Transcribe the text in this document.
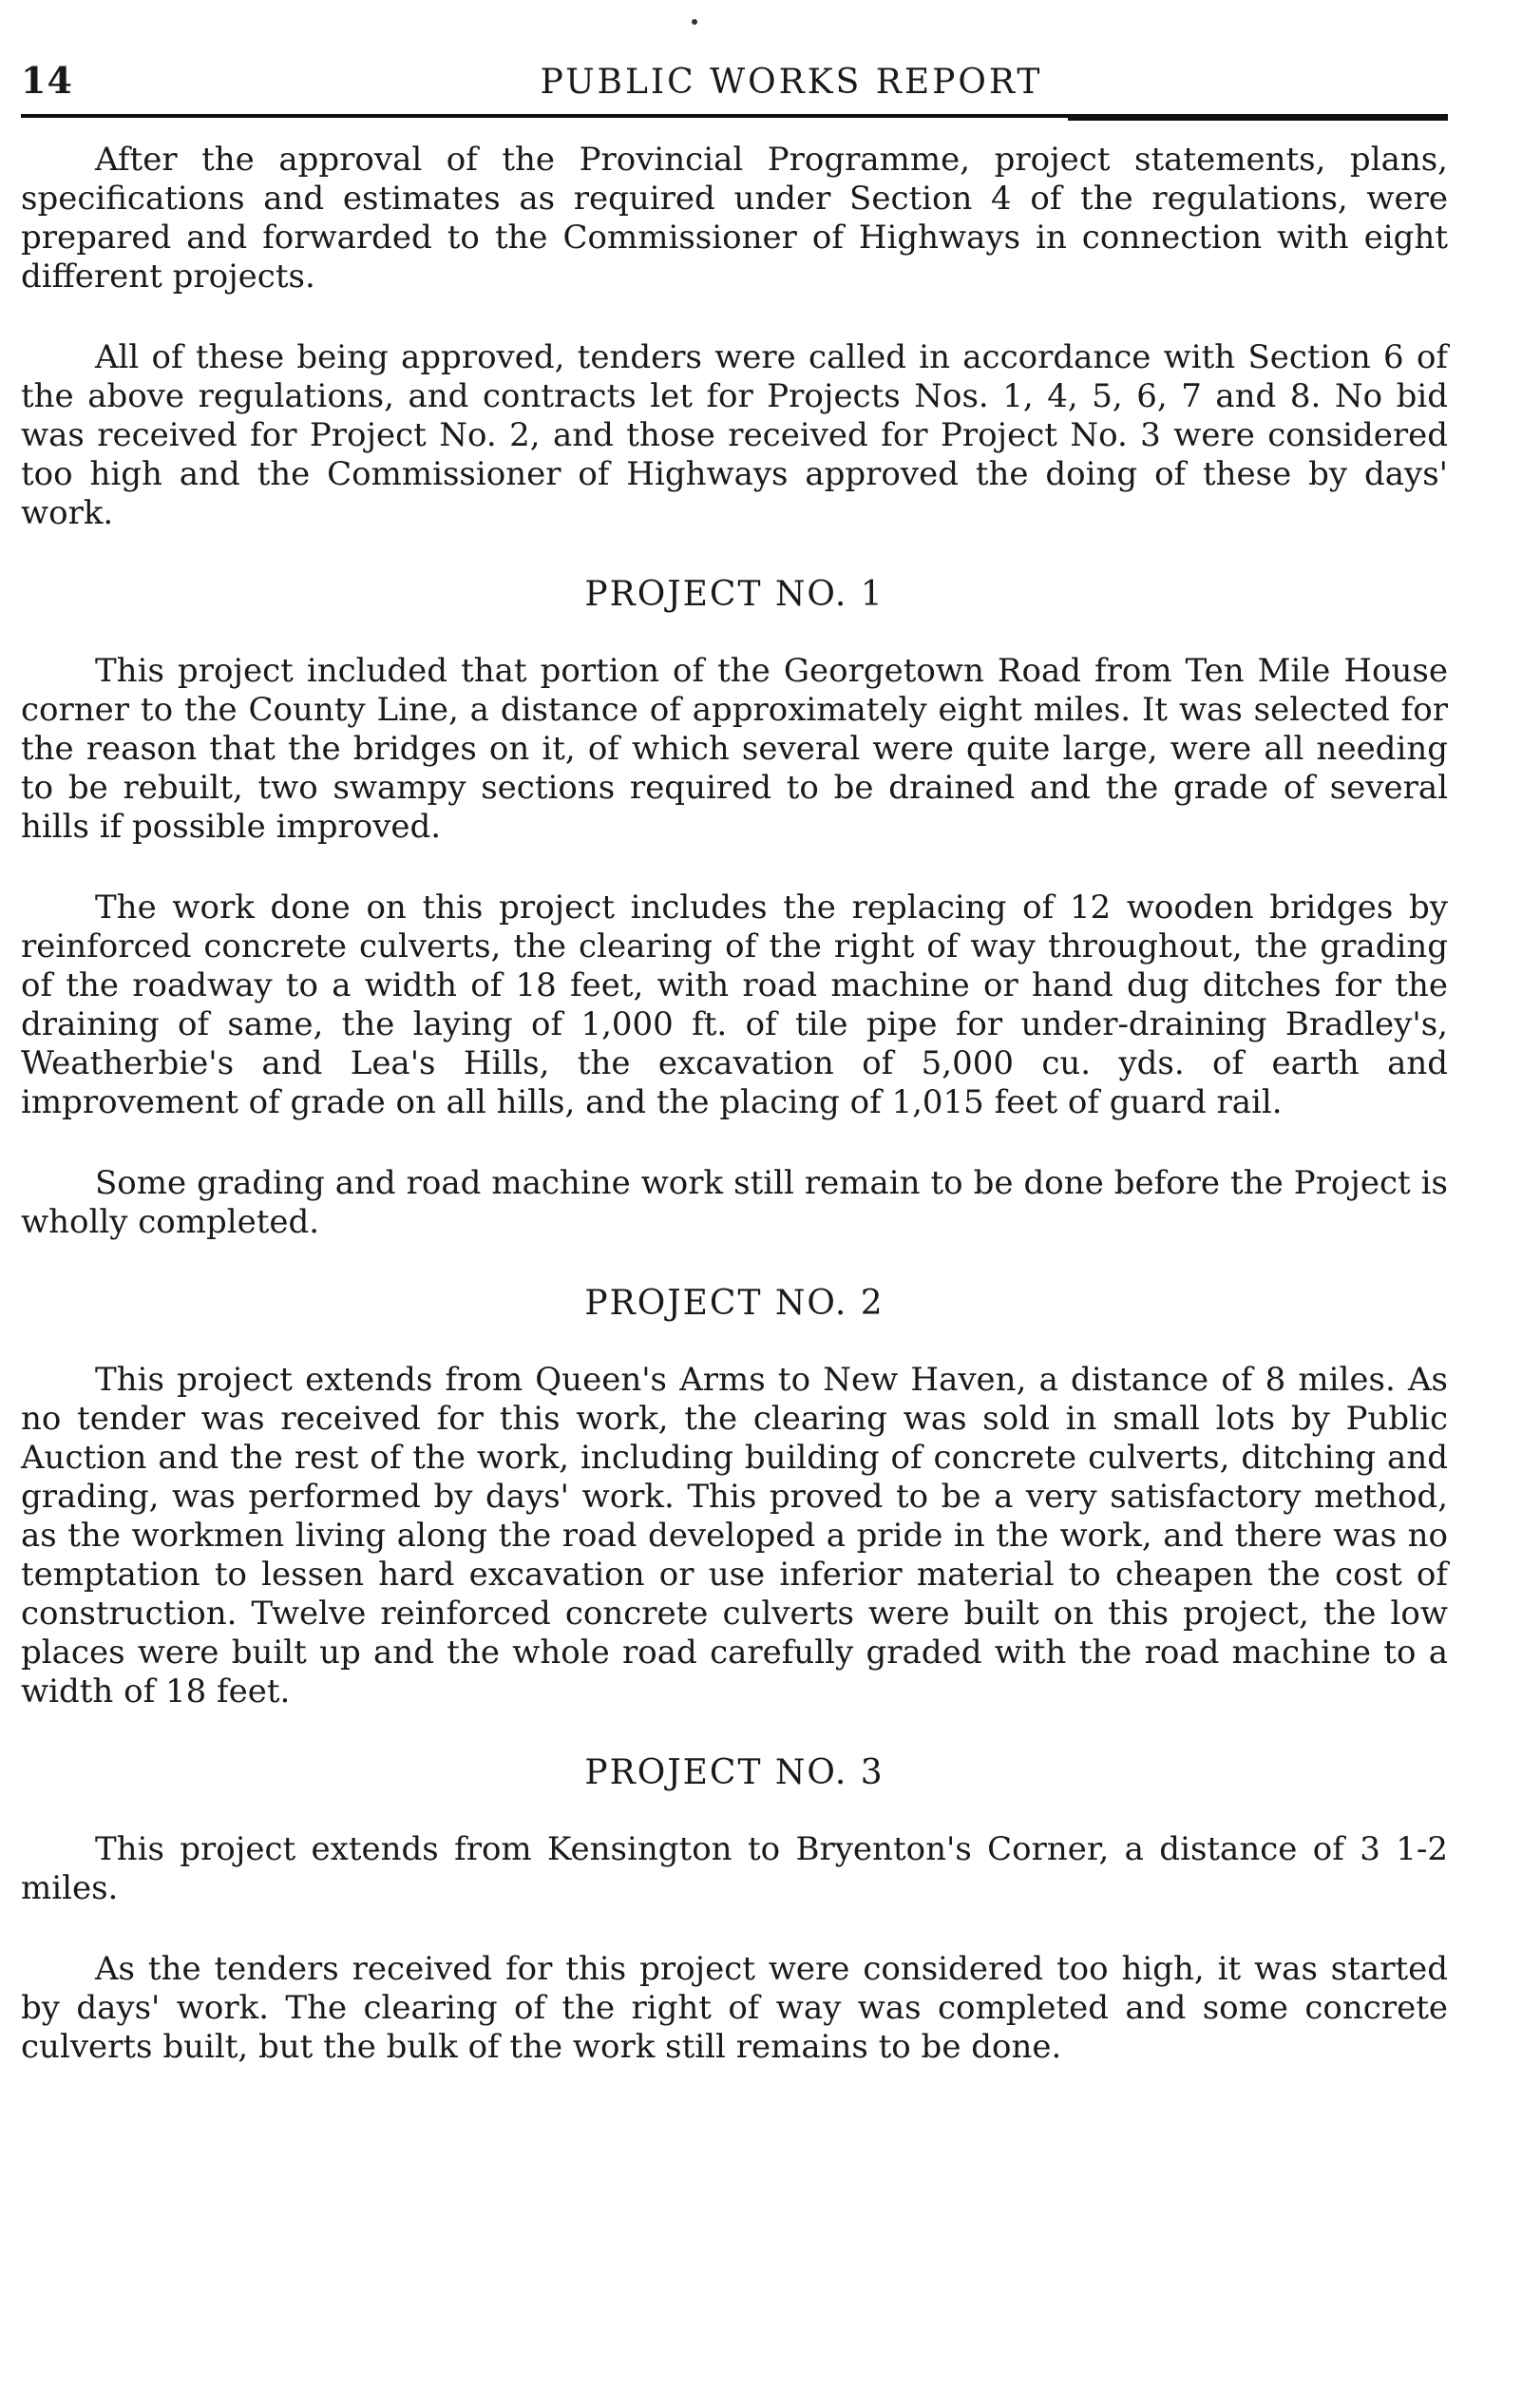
14	PUBLIC WORKS REPORT

After the approval of the Provincial Programme, project statements, plans, specifications and estimates as required under Section 4 of the regulations, were prepared and forwarded to the Commissioner of Highways in connection with eight different projects.

All of these being approved, tenders were called in accordance with Section 6 of the above regulations, and contracts let for Projects Nos. 1, 4, 5, 6, 7 and 8. No bid was received for Project No. 2, and those received for Project No. 3 were considered too high and the Commissioner of Highways approved the doing of these by days' work.

PROJECT NO. 1

This project included that portion of the Georgetown Road from Ten Mile House corner to the County Line, a distance of approximately eight miles. It was selected for the reason that the bridges on it, of which several were quite large, were all needing to be rebuilt, two swampy sections required to be drained and the grade of several hills if possible improved.

The work done on this project includes the replacing of 12 wooden bridges by reinforced concrete culverts, the clearing of the right of way throughout, the grading of the roadway to a width of 18 feet, with road machine or hand dug ditches for the draining of same, the laying of 1,000 ft. of tile pipe for under-draining Bradley's, Weatherbie's and Lea's Hills, the excavation of 5,000 cu. yds. of earth and improvement of grade on all hills, and the placing of 1,015 feet of guard rail.

Some grading and road machine work still remain to be done before the Project is wholly completed.

PROJECT NO. 2

This project extends from Queen's Arms to New Haven, a distance of 8 miles. As no tender was received for this work, the clearing was sold in small lots by Public Auction and the rest of the work, including building of concrete culverts, ditching and grading, was performed by days' work. This proved to be a very satisfactory method, as the workmen living along the road developed a pride in the work, and there was no temptation to lessen hard excavation or use inferior material to cheapen the cost of construction. Twelve reinforced concrete culverts were built on this project, the low places were built up and the whole road carefully graded with the road machine to a width of 18 feet.

PROJECT NO. 3

This project extends from Kensington to Bryenton's Corner, a distance of 3 1-2 miles.

As the tenders received for this project were considered too high, it was started by days' work. The clearing of the right of way was completed and some concrete culverts built, but the bulk of the work still remains to be done.
